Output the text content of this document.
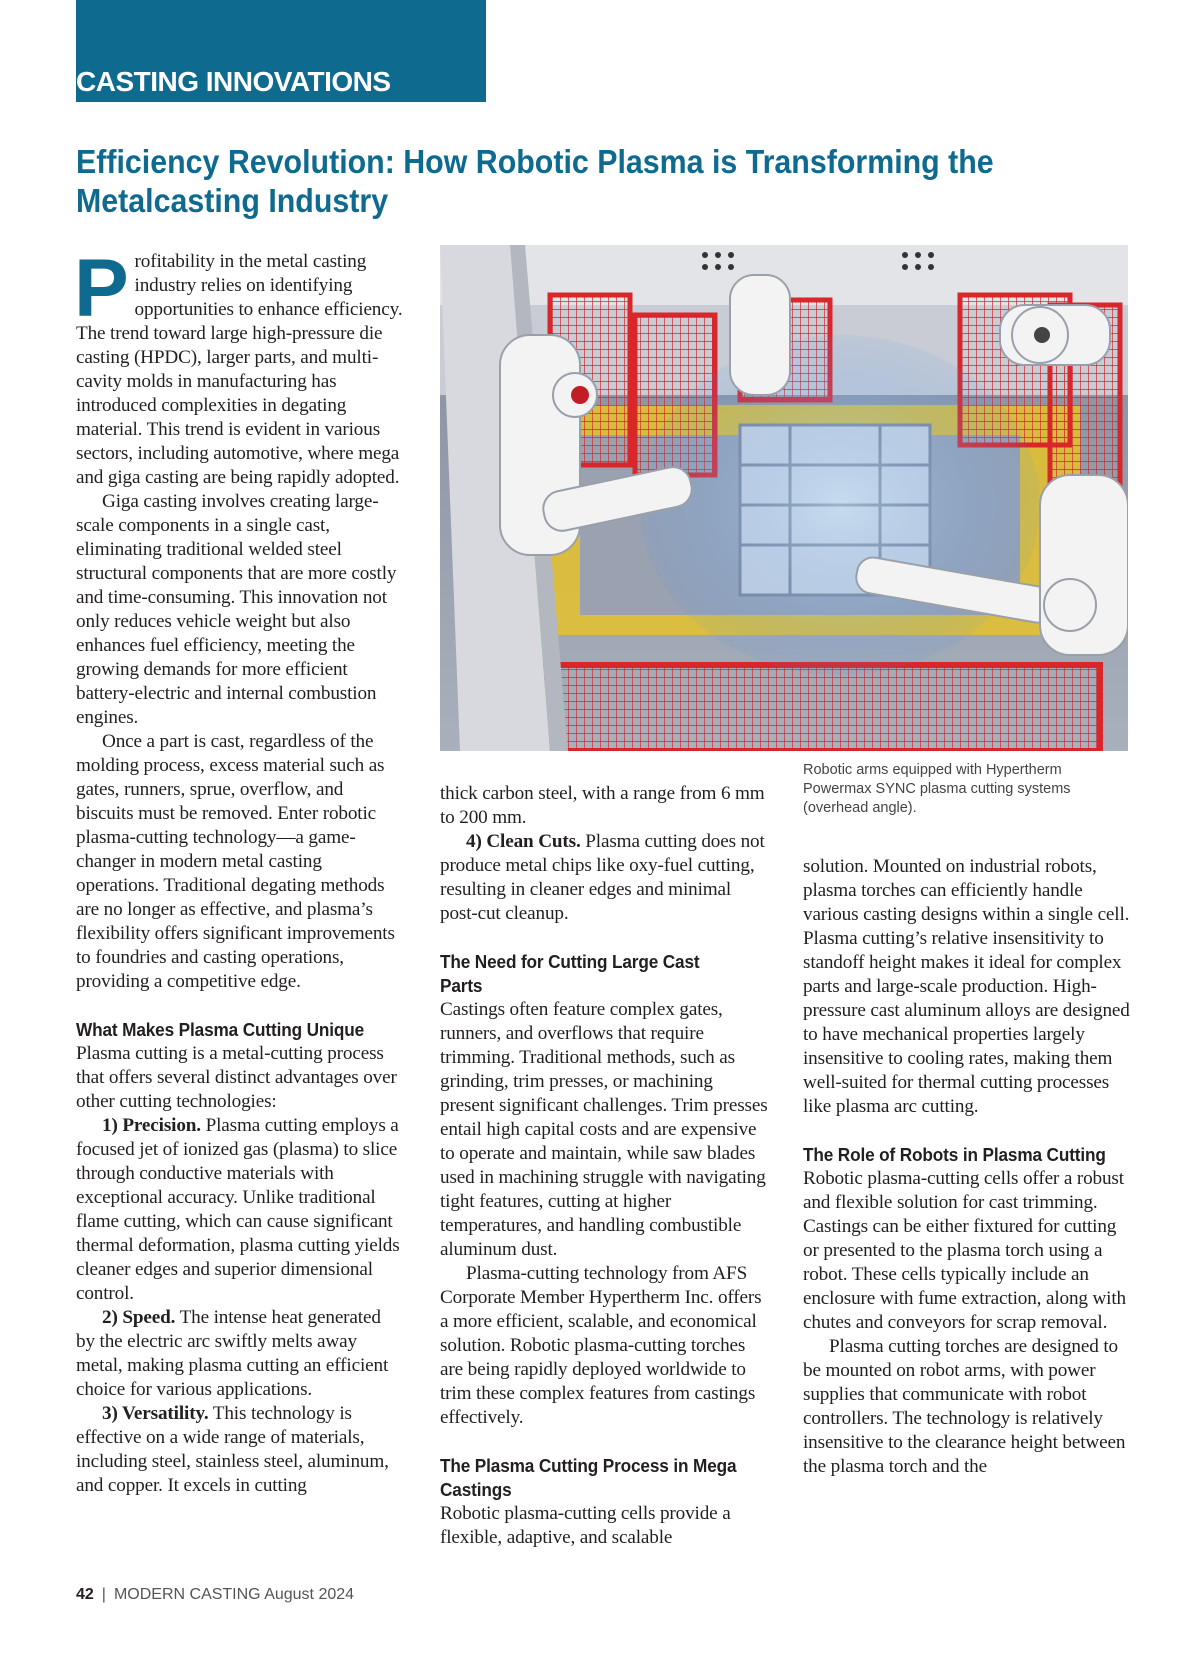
CASTING INNOVATIONS
Efficiency Revolution: How Robotic Plasma is Transforming the Metalcasting Industry

Profitability in the metal casting industry relies on identifying opportunities to enhance efficiency. The trend toward large high-pressure die casting (HPDC), larger parts, and multi-cavity molds in manufacturing has introduced complexities in degating material. This trend is evident in various sectors, including automotive, where mega and giga casting are being rapidly adopted.

Giga casting involves creating large-scale components in a single cast, eliminating traditional welded steel structural components that are more costly and time-consuming. This innovation not only reduces vehicle weight but also enhances fuel efficiency, meeting the growing demands for more efficient battery-electric and internal combustion engines.

Once a part is cast, regardless of the molding process, excess material such as gates, runners, sprue, overflow, and biscuits must be removed. Enter robotic plasma-cutting technology—a game-changer in modern metal casting operations. Traditional degating methods are no longer as effective, and plasma’s flexibility offers significant improvements to foundries and casting operations, providing a competitive edge.

What Makes Plasma Cutting Unique

Plasma cutting is a metal-cutting process that offers several distinct advantages over other cutting technologies:

1) Precision. Plasma cutting employs a focused jet of ionized gas (plasma) to slice through conductive materials with exceptional accuracy. Unlike traditional flame cutting, which can cause significant thermal deformation, plasma cutting yields cleaner edges and superior dimensional control.

2) Speed. The intense heat generated by the electric arc swiftly melts away metal, making plasma cutting an efficient choice for various applications.

3) Versatility. This technology is effective on a wide range of materials, including steel, stainless steel, aluminum, and copper. It excels in cutting

Robotic arms equipped with Hypertherm Powermax SYNC plasma cutting systems (overhead angle).

thick carbon steel, with a range from 6 mm to 200 mm.

4) Clean Cuts. Plasma cutting does not produce metal chips like oxy-fuel cutting, resulting in cleaner edges and minimal post-cut cleanup.

The Need for Cutting Large Cast Parts

Castings often feature complex gates, runners, and overflows that require trimming. Traditional methods, such as grinding, trim presses, or machining present significant challenges. Trim presses entail high capital costs and are expensive to operate and maintain, while saw blades used in machining struggle with navigating tight features, cutting at higher temperatures, and handling combustible aluminum dust.

Plasma-cutting technology from AFS Corporate Member Hypertherm Inc. offers a more efficient, scalable, and economical solution. Robotic plasma-cutting torches are being rapidly deployed worldwide to trim these complex features from castings effectively.

The Plasma Cutting Process in Mega Castings

Robotic plasma-cutting cells provide a flexible, adaptive, and scalable

solution. Mounted on industrial robots, plasma torches can efficiently handle various casting designs within a single cell. Plasma cutting’s relative insensitivity to standoff height makes it ideal for complex parts and large-scale production. High-pressure cast aluminum alloys are designed to have mechanical properties largely insensitive to cooling rates, making them well-suited for thermal cutting processes like plasma arc cutting.

The Role of Robots in Plasma Cutting

Robotic plasma-cutting cells offer a robust and flexible solution for cast trimming. Castings can be either fixtured for cutting or presented to the plasma torch using a robot. These cells typically include an enclosure with fume extraction, along with chutes and conveyors for scrap removal.

Plasma cutting torches are designed to be mounted on robot arms, with power supplies that communicate with robot controllers. The technology is relatively insensitive to the clearance height between the plasma torch and the

42 | MODERN CASTING August 2024
